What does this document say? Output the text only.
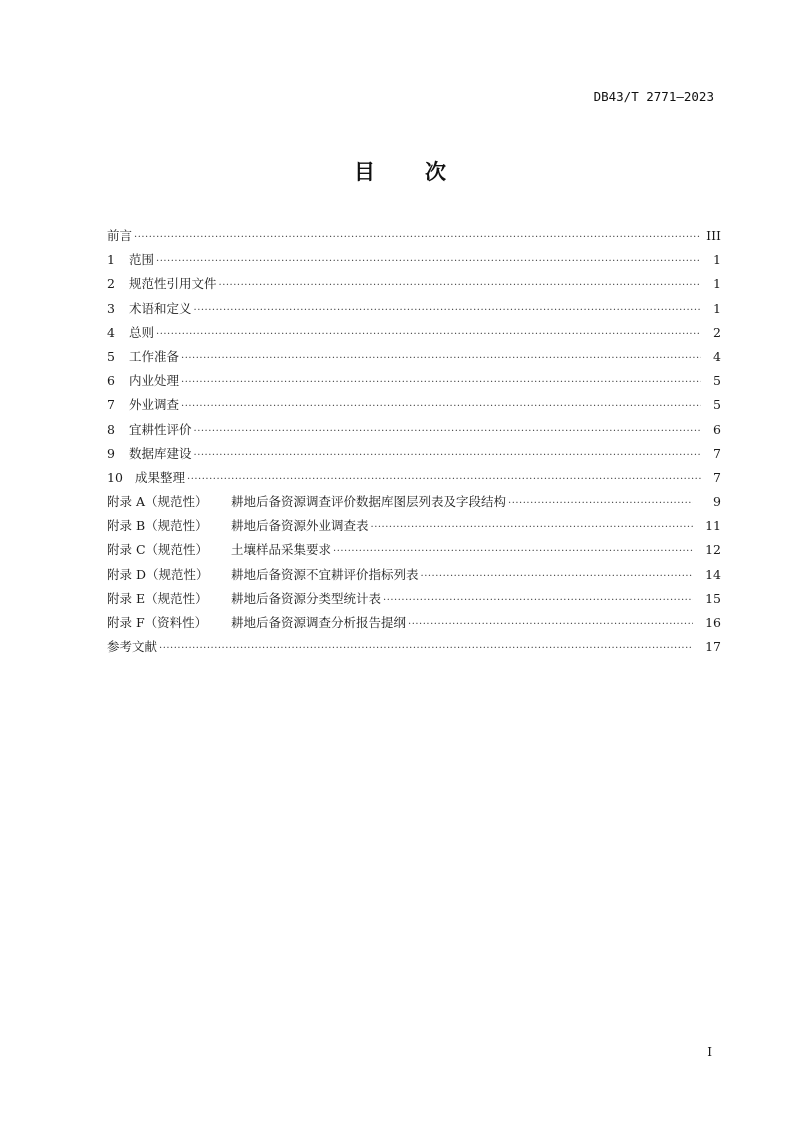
DB43/T 2771—2023
目 次
前言 ·····	III
1	范围 ·····	1
2	规范性引用文件 ·····	1
3	术语和定义 ·····	1
4	总则 ·····	2
5	工作准备 ·····	4
6	内业处理 ·····	5
7	外业调查 ·····	5
8	宜耕性评价 ·····	6
9	数据库建设 ·····	7
10 成果整理 ·····	7
附录 A（规范性）	耕地后备资源调查评价数据库图层列表及字段结构 ·····	9
附录 B（规范性）	耕地后备资源外业调查表 ·····	11
附录 C（规范性）	土壤样品采集要求 ·····	12
附录 D（规范性）	耕地后备资源不宜耕评价指标列表 ·····	14
附录 E（规范性）	耕地后备资源分类型统计表 ·····	15
附录 F（资料性）	耕地后备资源调查分析报告提纲 ·····	16
参考文献 ·····	17
I
